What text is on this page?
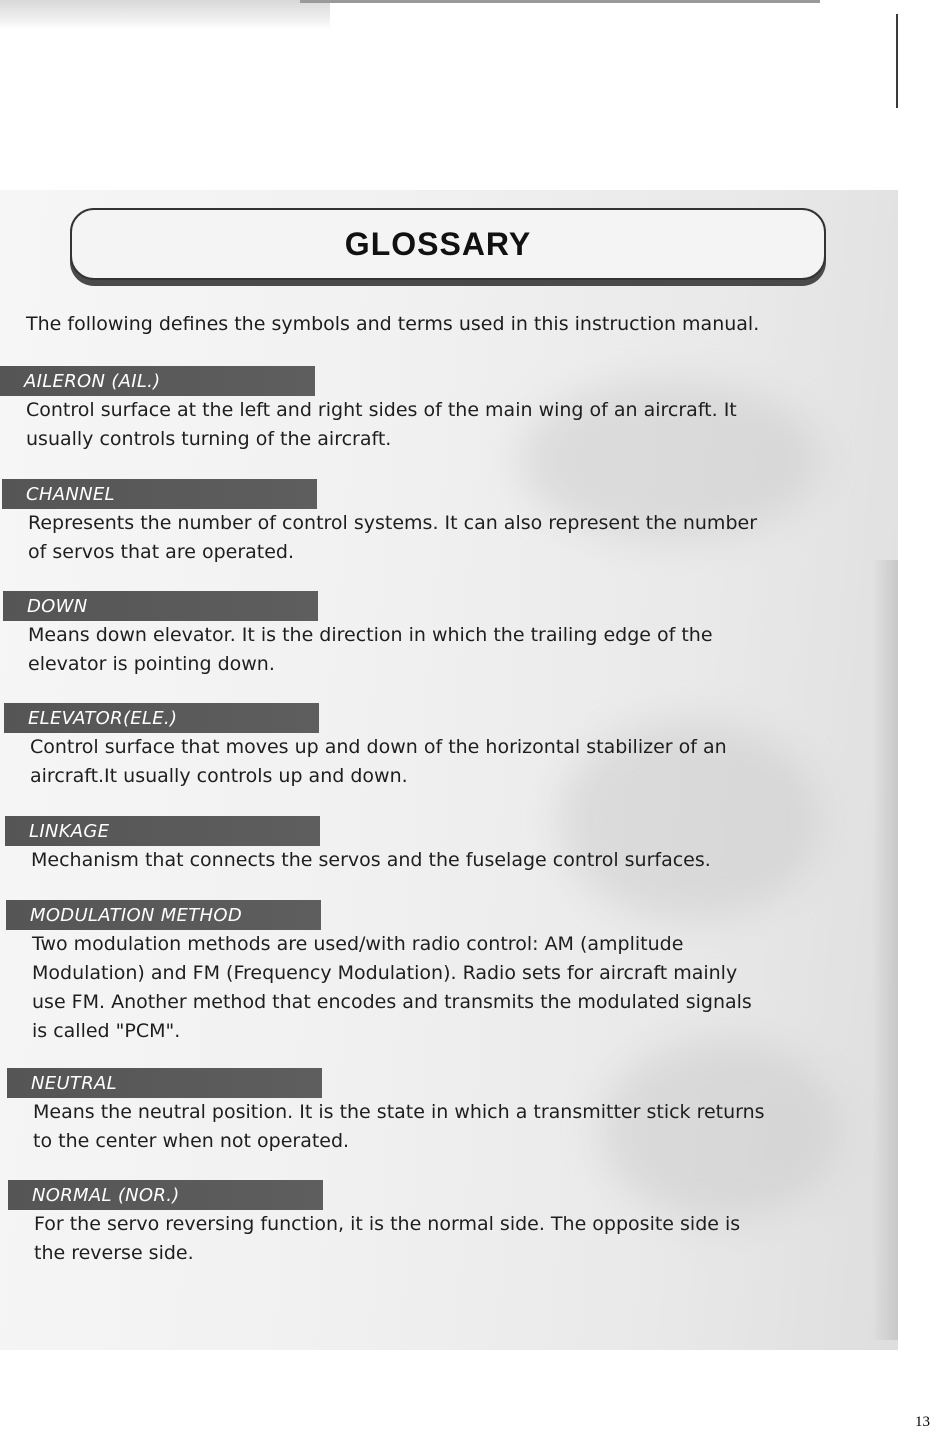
GLOSSARY
The following defines the symbols and terms used in this instruction manual.
AILERON (AIL.)
Control surface at the left and right sides of the main wing of an aircraft. It
usually controls turning of the aircraft.
CHANNEL
Represents the number of control systems. It can also represent the number
of servos that are operated.
DOWN
Means down elevator. It is the direction in which the trailing edge of the
elevator is pointing down.
ELEVATOR(ELE.)
Control surface that moves up and down of the horizontal stabilizer of an
aircraft.It usually controls up and down.
LINKAGE
Mechanism that connects the servos and the fuselage control surfaces.
MODULATION METHOD
Two modulation methods are used/with radio control: AM (amplitude
Modulation) and FM (Frequency Modulation). Radio sets for aircraft mainly
use FM. Another method that encodes and transmits the modulated signals
is called "PCM".
NEUTRAL
Means the neutral position. It is the state in which a transmitter stick returns
to the center when not operated.
NORMAL (NOR.)
For the servo reversing function, it is the normal side. The opposite side is
the reverse side.
13
